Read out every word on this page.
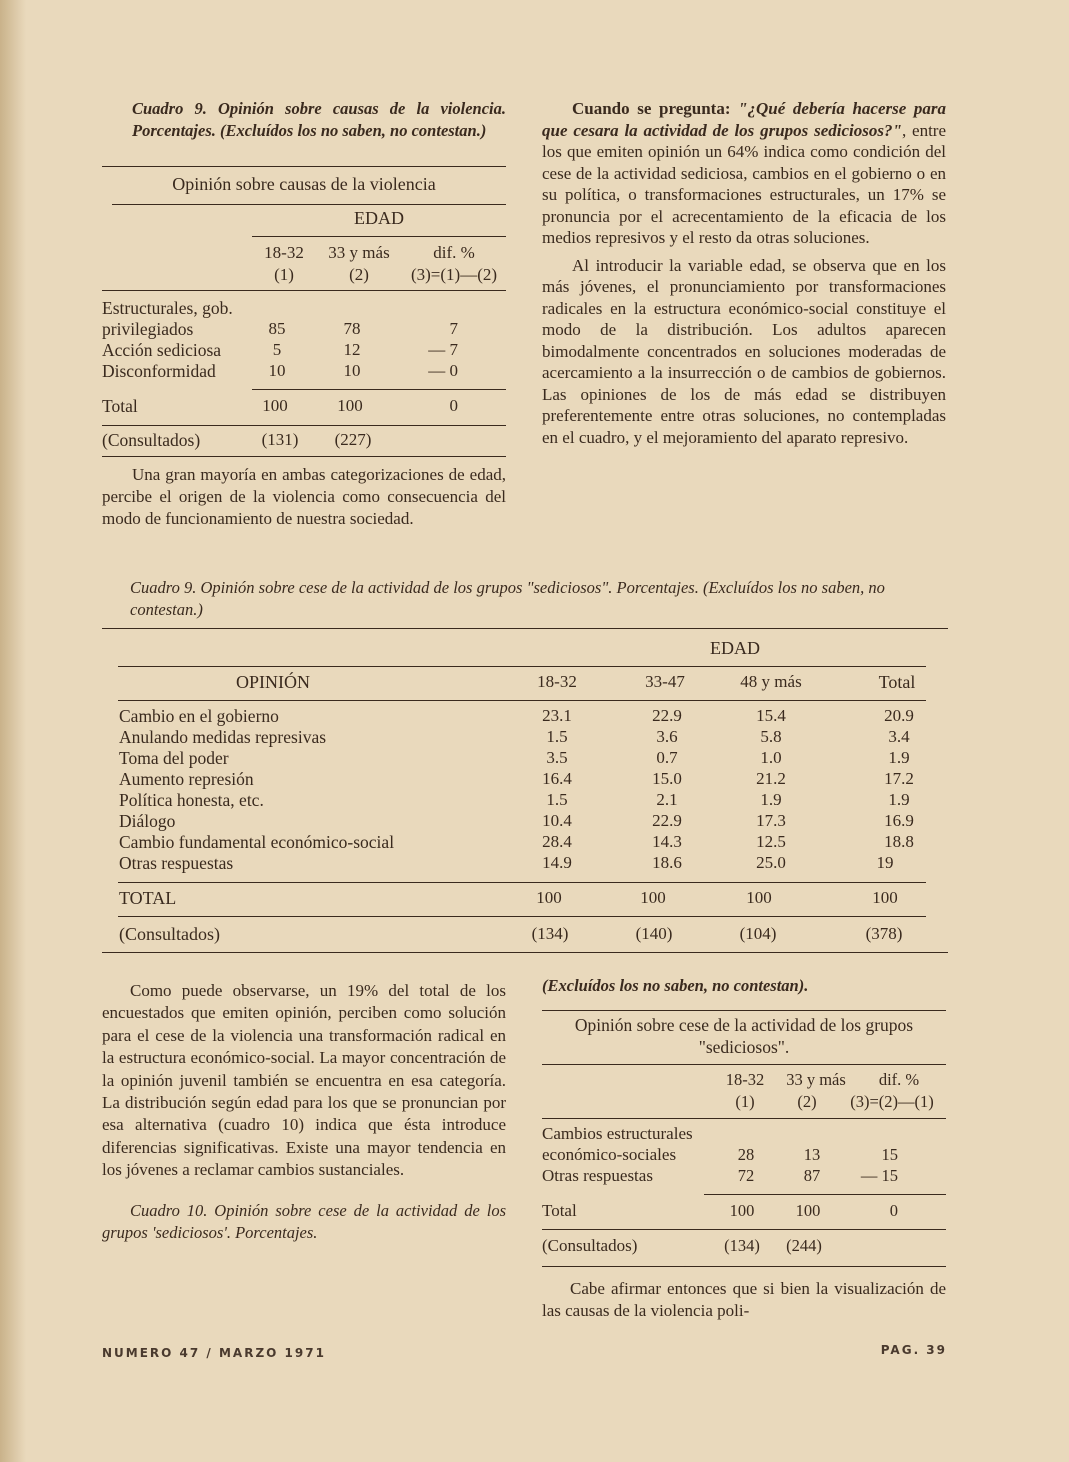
Cuadro 9. Opinión sobre causas de la violencia. Porcentajes. (Excluídos los no saben, no contestan.)

Opinión sobre causas de la violencia
EDAD
18-32	33 y más	dif. %
(1)	(2)	(3)=(1)—(2)
Estructurales, gob.
privilegiados	85	78	7
Acción sediciosa	5	12	— 7
Disconformidad	10	10	— 0
Total	100	100	0
(Consultados)	(131)	(227)

Una gran mayoría en ambas categorizaciones de edad, percibe el origen de la violencia como consecuencia del modo de funcionamiento de nuestra sociedad.

Cuando se pregunta: "¿Qué debería hacerse para que cesara la actividad de los grupos sediciosos?", entre los que emiten opinión un 64% indica como condición del cese de la actividad sediciosa, cambios en el gobierno o en su política, o transformaciones estructurales, un 17% se pronuncia por el acrecentamiento de la eficacia de los medios represivos y el resto da otras soluciones.

Al introducir la variable edad, se observa que en los más jóvenes, el pronunciamiento por transformaciones radicales en la estructura económico-social constituye el modo de la distribución. Los adultos aparecen bimodalmente concentrados en soluciones moderadas de acercamiento a la insurrección o de cambios de gobiernos. Las opiniones de los de más edad se distribuyen preferentemente entre otras soluciones, no contempladas en el cuadro, y el mejoramiento del aparato represivo.

Cuadro 9. Opinión sobre cese de la actividad de los grupos "sediciosos". Porcentajes. (Excluídos los no saben, no contestan.)

EDAD
OPINIÓN	18-32	33-47	48 y más	Total
Cambio en el gobierno	23.1	22.9	15.4	20.9
Anulando medidas represivas	1.5	3.6	5.8	3.4
Toma del poder	3.5	0.7	1.0	1.9
Aumento represión	16.4	15.0	21.2	17.2
Política honesta, etc.	1.5	2.1	1.9	1.9
Diálogo	10.4	22.9	17.3	16.9
Cambio fundamental económico-social	28.4	14.3	12.5	18.8
Otras respuestas	14.9	18.6	25.0	19
TOTAL	100	100	100	100
(Consultados)	(134)	(140)	(104)	(378)

Como puede observarse, un 19% del total de los encuestados que emiten opinión, perciben como solución para el cese de la violencia una transformación radical en la estructura económico-social. La mayor concentración de la opinión juvenil también se encuentra en esa categoría. La distribución según edad para los que se pronuncian por esa alternativa (cuadro 10) indica que ésta introduce diferencias significativas. Existe una mayor tendencia en los jóvenes a reclamar cambios sustanciales.

Cuadro 10. Opinión sobre cese de la actividad de los grupos 'sediciosos'. Porcentajes.

(Excluídos los no saben, no contestan).

Opinión sobre cese de la actividad de los grupos "sediciosos".
18-32	33 y más	dif. %
(1)	(2)	(3)=(2)—(1)
Cambios estructurales
económico-sociales	28	13	15
Otras respuestas	72	87	— 15
Total	100	100	0
(Consultados)	(134)	(244)

Cabe afirmar entonces que si bien la visualización de las causas de la violencia poli-

NUMERO 47 / MARZO 1971	PAG. 39
